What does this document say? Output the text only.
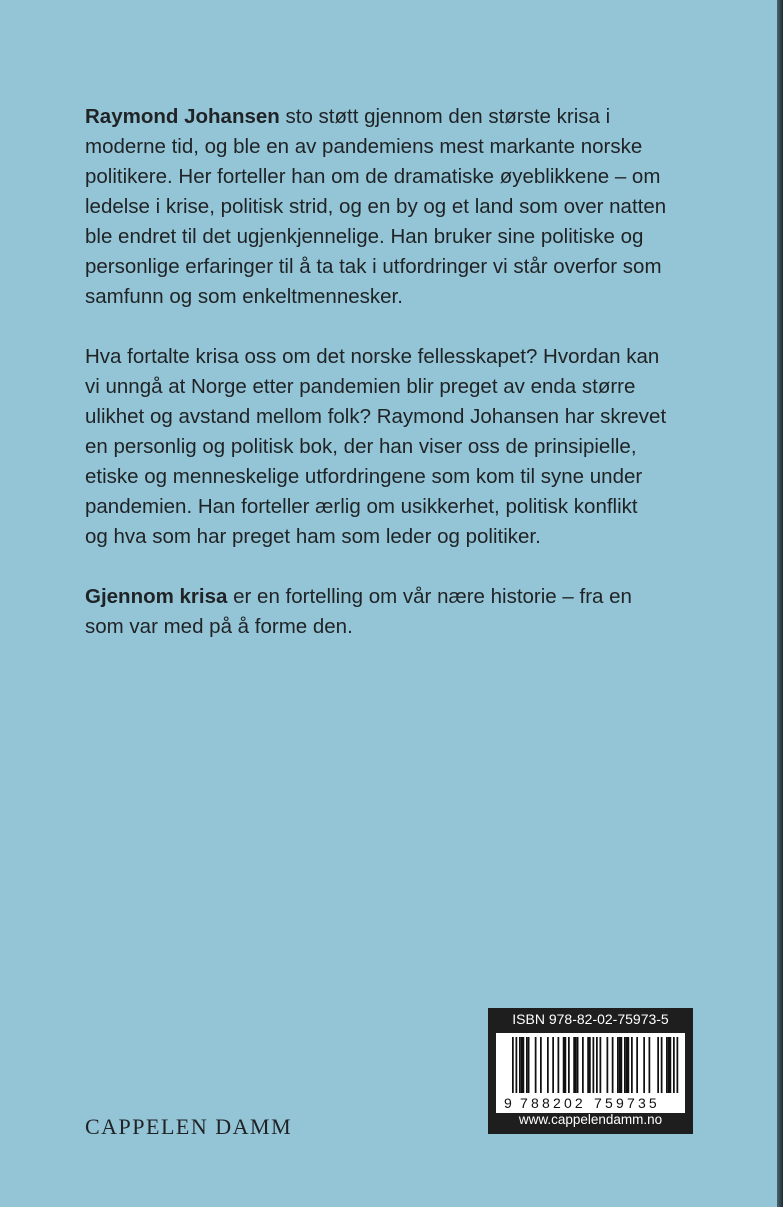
Raymond Johansen sto støtt gjennom den største krisa i
moderne tid, og ble en av pandemiens mest markante norske
politikere. Her forteller han om de dramatiske øyeblikkene – om
ledelse i krise, politisk strid, og en by og et land som over natten
ble endret til det ugjenkjennelige. Han bruker sine politiske og
personlige erfaringer til å ta tak i utfordringer vi står overfor som
samfunn og som enkeltmennesker.

Hva fortalte krisa oss om det norske fellesskapet? Hvordan kan
vi unngå at Norge etter pandemien blir preget av enda større
ulikhet og avstand mellom folk? Raymond Johansen har skrevet
en personlig og politisk bok, der han viser oss de prinsipielle,
etiske og menneskelige utfordringene som kom til syne under
pandemien. Han forteller ærlig om usikkerhet, politisk konflikt
og hva som har preget ham som leder og politiker.

Gjennom krisa er en fortelling om vår nære historie – fra en
som var med på å forme den.

CAPPELEN DAMM
ISBN 978-82-02-75973-5
9 788202 759735
www.cappelendamm.no
